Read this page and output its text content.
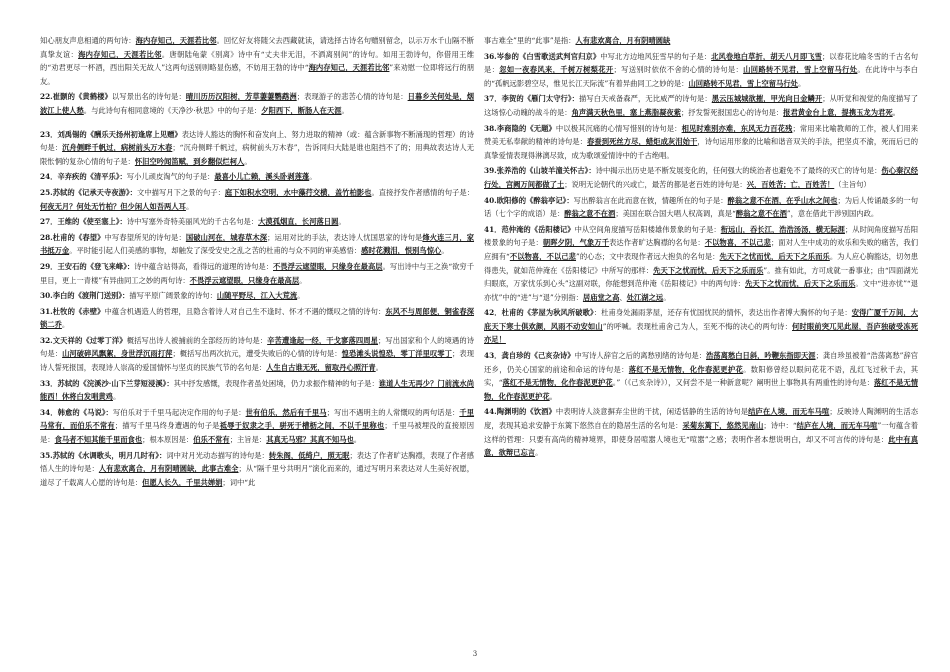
知心朋友声息相通的两句诗：海内存知己，天涯若比邻。回忆好友将随父去西藏就读，请选择古诗名句赠别留念，以示万水千山隔不断真挚友谊：海内存知己，天涯若比邻。唐朝陆龟蒙《别离》诗中有“丈夫非无泪，不洒离别间”的诗句。如用王勃诗句，你借用王维的“劝君更尽一杯酒，西出阳关无故人”这两句送别则略显伤感，不妨用王勃的诗中“海内存知己，天涯若比邻”来劝慰一位即将远行的朋友。

22.崔颢的《黄鹤楼》以写景出名的诗句是：晴川历历汉阳树，芳草萋萋鹦鹉洲；表现游子的悲苦心情的诗句是：日暮乡关何处是，烟波江上使人愁。与此诗句有相同意境的《天净沙·秋思》中的句子是：夕阳西下，断肠人在天涯。

23．刘禹锡的《酬乐天扬州初逢席上见赠》表达诗人豁达的胸怀和奋发向上、努力进取的精神（或：蕴含新事物不断涌现的哲理）的诗句是：沉舟侧畔千帆过，病树前头万木春；“沉舟侧畔千帆过，病树前头万木春”，告诉同归大陆是谁也阻挡不了的；用典故表达诗人无限怅惘的复杂心情的句子是：怀旧空吟闻笛赋，到乡翻似烂柯人。

24．辛弃疾的《清平乐》：写小儿顽皮淘气的句子是：最喜小儿亡赖，溪头卧剥莲蓬。

25.苏轼的《记承天寺夜游》：文中描写月下之景的句子：庭下如积水空明，水中藻荇交横，盖竹柏影也。直接抒发作者感情的句子是：何夜无月？何处无竹柏？但少闲人如吾两人耳。

27．王维的《使至塞上》：诗中写塞外奇特美丽风光的千古名句是：大漠孤烟直，长河落日圆。

28.杜甫的《春望》中写春望所见的诗句是：国破山河在，城春草木深；运用对比的手法，表达诗人忧国思家的诗句是烽火连三月，家书抵万金。平时能引起人们美感的事物，却触发了深受安史之乱之苦的杜甫的与众不同的审美感悟：感时花溅泪，恨别鸟惊心。

29．王安石的《登飞来峰》：诗中蕴含站得高，看得远的道理的诗句是：不畏浮云遮望眼，只缘身在最高层。写出诗中与王之涣“欲穷千里目，更上一青楼”有异曲同工之妙的两句诗：不畏浮云遮望眼，只缘身在最高层。

30.李白的《渡荆门送别》：描写平原广阔景象的诗句：山随平野尽，江入大荒流。

31.杜牧的《赤壁》中蕴含机遇造人的哲理，且隐含着诗人对自己生不逢时、怀才不遇的慨叹之情的诗句：东风不与周郎便，铜雀春深锁二乔。

32.文天祥的《过零丁洋》概括写出诗人被捕前的全部经历的诗句是：辛苦遭逢起一经，干戈寥落四周星；写出国家和个人的境遇的诗句是：山河破碎风飘絮，身世浮沉雨打萍；概括写出两次抗元，遭受失败后的心情的诗句是：惶恐滩头说惶恐，零丁洋里叹零丁；表现诗人誓死报国，表现诗人崇高的爱国情怀与坚贞的民族气节的名句是：人生自古谁无死，留取丹心照汗青。

33．苏轼的《浣溪沙·山下兰芽短浸溪》：其中抒发感慨，表现作者虽处困境，仍力求振作精神的句子是：谁道人生无再少？门前流水尚能西！休将白发唱黄鸡。

34．韩愈的《马说》：写伯乐对于千里马起决定作用的句子是：世有伯乐，然后有千里马；写出不遇明主的人常慨叹的两句话是：千里马常有，而伯乐不常有；描写千里马终身遭遇的句子是祗辱于奴隶之手，骈死于槽枥之间，不以千里称也；千里马被埋没的直接原因是：食马者不知其能千里而食也；根本原因是：伯乐不常有；主旨是：其真无马邪？其真不知马也。

35.苏轼的《水调歌头，明月几时有》：词中对月光动态描写的诗句是：转朱阁，低绮户，照无眠；表达了作者旷达胸襟，表现了作者感悟人生的诗句是：人有悲欢离合，月有阴晴圆缺，此事古难全；从“隔千里兮共明月”演化而来的，通过写明月来表达对人生美好祝愿，道尽了千载离人心愿的诗句是：但愿人长久，千里共婵娟；词中“此

事古难全”里的“此事”是指：人有悲欢离合，月有阴晴圆缺

36.岑参的《白雪歌送武判官归京》中写北方边地风狂雪早的句子是：北风卷地白草折，胡天八月即飞雪；以春花比喻冬雪的千古名句是：忽如一夜春风来，千树万树梨花开；写送别时依依不舍的心情的诗句是：山回路转不见君，雪上空留马行处。在此诗中与李白的“孤帆远影碧空尽，惟见长江天际流”有着异曲同工之妙的是：山回路转不见君，雪上空留马行处。

37．李贺的《雁门太守行》：描写白天戒备森严，无比威严的诗句是：黑云压城城欲摧，甲光向日金鳞开；从听觉和视觉的角度描写了这场惊心动魄的战斗的是：角声满天秋色里，塞上燕脂凝夜紫；抒发誓死报国忠心的诗句是：报君黄金台上意，提携玉龙为君死。

38.李商隐的《无题》中以极其沉痛的心情写惜别的诗句是：相见时难别亦难，东风无力百花残；常用来比喻教师的工作，被人们用来赞美无私奉献的精神的诗句是：春蚕到死丝方尽，蜡炬成灰泪始干，诗句运用形象的比喻和谐音双关的手法，把坚贞不渝，死而后已的真挚爱情表现得淋漓尽致，成为歌颂爱情诗中的千古绝唱。

39.张养浩的《山坡羊潼关怀古》：诗中揭示出历史是不断发展变化的，任何强大的统治者也避免不了最终的灭亡的诗句是：伤心秦汉经行处，宫阙万间都做了土；说明无论朝代的兴或亡，最苦的都是老百姓的诗句是：兴，百姓苦；亡，百姓苦！（主旨句）

40.欧阳修的《醉翁亭记》：写出醉翁言在此而意在彼，情趣所在的句子是：醉翁之意不在酒，在乎山水之间也；为后人传诵最多的一句话（七个字的成语）是：醉翁之意不在酒；美国在联合国大唱人权高调，真是“醉翁之意不在酒”，意在借此干涉别国内政。

41．范仲淹的《岳阳楼记》中从空间角度描写岳阳楼雄伟景象的句子是：衔远山，吞长江，浩浩汤汤，横无际涯；从时间角度描写岳阳楼景象的句子是：朝晖夕阴，气象万千表达作者旷达胸襟的名句是：不以物喜，不以己悲；面对人生中成功的欢乐和失败的痛苦，我们应拥有“不以物喜，不以己悲”的心态；文中表现作者远大抱负的名句是：先天下之忧而忧，后天下之乐而乐。为人应心胸豁达，切勿患得患失，就如范仲淹在《岳阳楼记》中所写的那样：先天下之忧而忧，后天下之乐而乐”。推有如此，方可成就一番事业；由“四面湖光归眼底，万家忧乐到心头”这副对联，你能想到范仲淹《岳阳楼记》中的两句诗：先天下之忧而忧，后天下之乐而乐。文中“进亦忧”“退亦忧”中的“进”与“退”分别指：居庙堂之高、处江湖之远。

42．杜甫的《茅屋为秋风所破歌》：杜甫身处漏雨茅屋，还存有忧国忧民的情怀，表达出作者博大胸怀的句子是：安得广厦千万间，大庇天下寒士俱欢颜，风雨不动安如山”的呼喊。表现杜甫舍己为人，至死不悔的决心的两句诗：何时眼前突兀见此屋，吾庐独破受冻死亦足！

43．龚自珍的《己亥杂诗》中写诗人辞官之后的离愁别绪的诗句是：浩荡离愁白日斜，吟鞭东指即天涯；龚自珍虽被着“浩荡离愁”辞官还乡，仍关心国家的前途和命运的诗句是：落红不是无情物，化作春泥更护花。数阳修曾经以眼问花花不语，乱红飞过秋千去，其实，“落红不是无情物，化作春泥更护花。”（《己亥杂诗》），又何尝不是一种新意呢？阐明世上事物具有两重性的诗句是：落红不是无情物，化作春泥更护花。

44.陶渊明的《饮酒》中表明诗人淡意摒弃尘世的干扰，闲适恬静的生活的诗句是结庐在人境，而无车马喧；反映诗人陶渊明的生活态度，表现其追求安静于东篱下悠然自在的隐居生活的名句是：采菊东篱下，悠然见南山；诗中：“结庐在人境，而无车马喧”一句蕴含着这样的哲理：只要有高尚的精神境界，即使身居喧嚣人境也无“喧嚣”之感；表明作者本想说明白，却又不可言传的诗句是：此中有真意，欲辩已忘言。

3
